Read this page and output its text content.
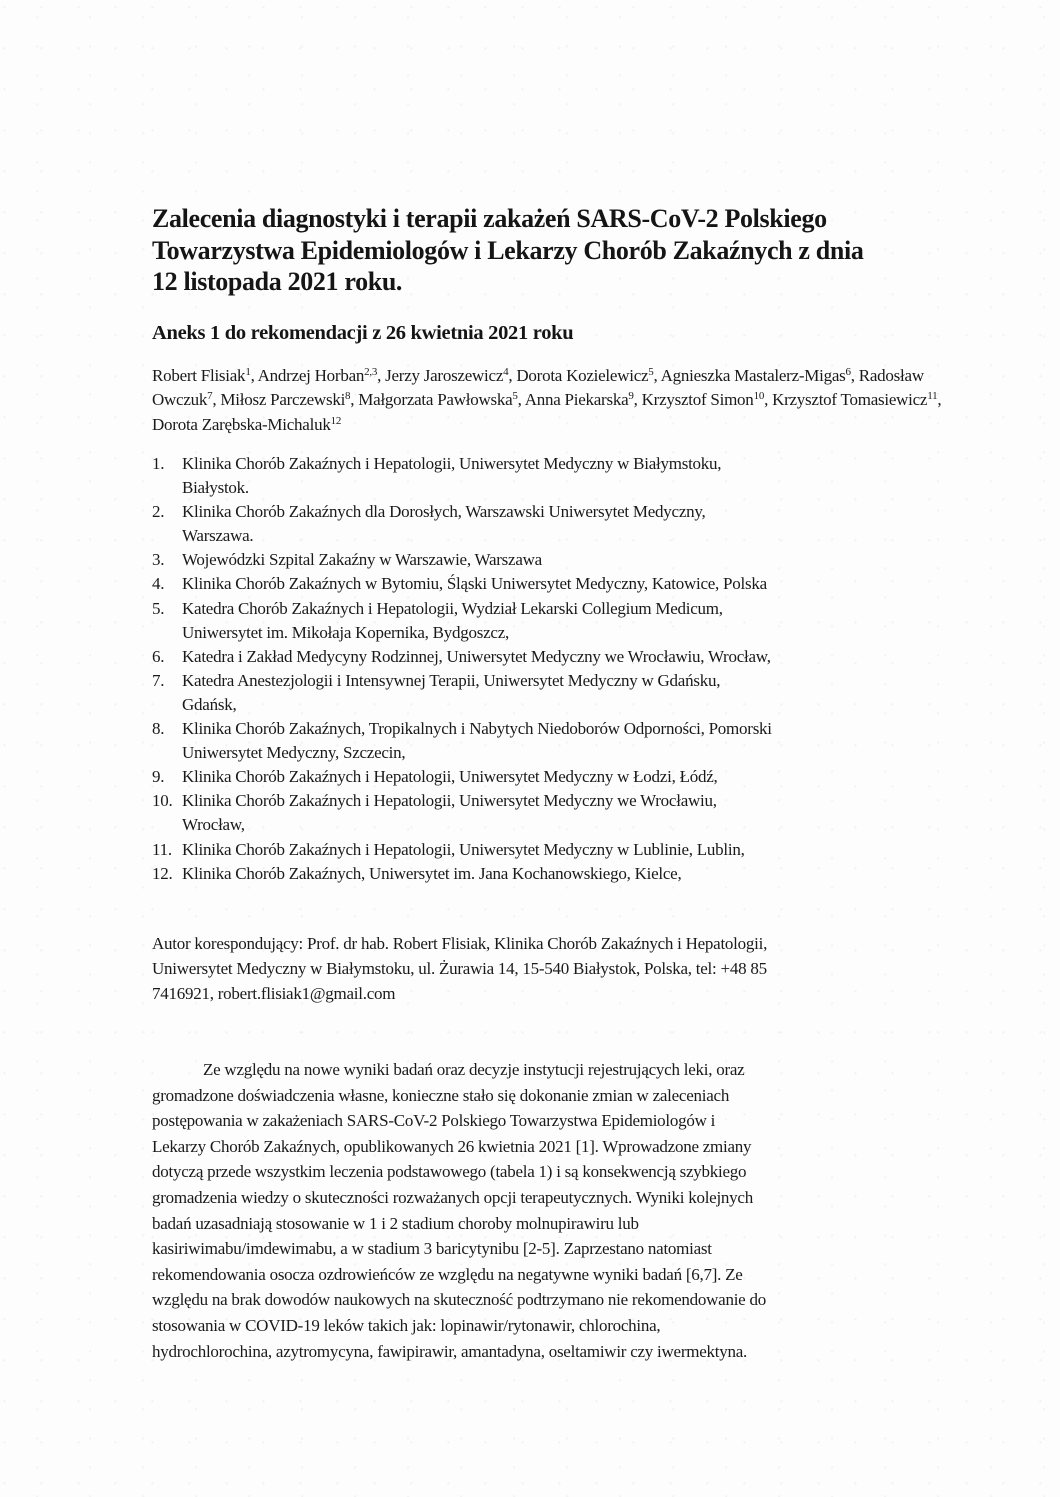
Zalecenia diagnostyki i terapii zakażeń SARS-CoV-2 Polskiego
Towarzystwa Epidemiologów i Lekarzy Chorób Zakaźnych z dnia
12 listopada 2021 roku.
Aneks 1 do rekomendacji z 26 kwietnia 2021 roku
Robert Flisiak$^1$, Andrzej Horban$^{2,3}$, Jerzy Jaroszewicz$^4$, Dorota Kozielewicz$^5$, Agnieszka Mastalerz-Migas$^6$, Radosław Owczuk$^7$, Miłosz Parczewski$^8$, Małgorzata Pawłowska$^5$, Anna Piekarska$^9$, Krzysztof Simon$^{10}$, Krzysztof Tomasiewicz$^{11}$, Dorota Zarębska-Michaluk$^{12}$
1. Klinika Chorób Zakaźnych i Hepatologii, Uniwersytet Medyczny w Białymstoku,
Białystok.
2. Klinika Chorób Zakaźnych dla Dorosłych, Warszawski Uniwersytet Medyczny,
Warszawa.
3. Wojewódzki Szpital Zakaźny w Warszawie, Warszawa
4. Klinika Chorób Zakaźnych w Bytomiu, Śląski Uniwersytet Medyczny, Katowice, Polska
5. Katedra Chorób Zakaźnych i Hepatologii, Wydział Lekarski Collegium Medicum,
Uniwersytet im. Mikołaja Kopernika, Bydgoszcz,
6. Katedra i Zakład Medycyny Rodzinnej, Uniwersytet Medyczny we Wrocławiu, Wrocław,
7. Katedra Anestezjologii i Intensywnej Terapii, Uniwersytet Medyczny w Gdańsku,
Gdańsk,
8. Klinika Chorób Zakaźnych, Tropikalnych i Nabytych Niedoborów Odporności, Pomorski
Uniwersytet Medyczny, Szczecin,
9. Klinika Chorób Zakaźnych i Hepatologii, Uniwersytet Medyczny w Łodzi, Łódź,
10. Klinika Chorób Zakaźnych i Hepatologii, Uniwersytet Medyczny we Wrocławiu,
Wrocław,
11. Klinika Chorób Zakaźnych i Hepatologii, Uniwersytet Medyczny w Lublinie, Lublin,
12. Klinika Chorób Zakaźnych, Uniwersytet im. Jana Kochanowskiego, Kielce,
Autor korespondujący: Prof. dr hab. Robert Flisiak, Klinika Chorób Zakaźnych i Hepatologii,
Uniwersytet Medyczny w Białymstoku, ul. Żurawia 14, 15-540 Białystok, Polska, tel: +48 85
7416921, robert.flisiak1@gmail.com

Ze względu na nowe wyniki badań oraz decyzje instytucji rejestrujących leki, oraz
gromadzone doświadczenia własne, konieczne stało się dokonanie zmian w zaleceniach
postępowania w zakażeniach SARS-CoV-2 Polskiego Towarzystwa Epidemiologów i
Lekarzy Chorób Zakaźnych, opublikowanych 26 kwietnia 2021 [1]. Wprowadzone zmiany
dotyczą przede wszystkim leczenia podstawowego (tabela 1) i są konsekwencją szybkiego
gromadzenia wiedzy o skuteczności rozważanych opcji terapeutycznych. Wyniki kolejnych
badań uzasadniają stosowanie w 1 i 2 stadium choroby molnupirawiru lub
kasiriwimabu/imdewimabu, a w stadium 3 baricytynibu [2-5]. Zaprzestano natomiast
rekomendowania osocza ozdrowieńców ze względu na negatywne wyniki badań [6,7]. Ze
względu na brak dowodów naukowych na skuteczność podtrzymano nie rekomendowanie do
stosowania w COVID-19 leków takich jak: lopinawir/rytonawir, chlorochina,
hydrochlorochina, azytromycyna, fawipirawir, amantadyna, oseltamiwir czy iwermektyna.
